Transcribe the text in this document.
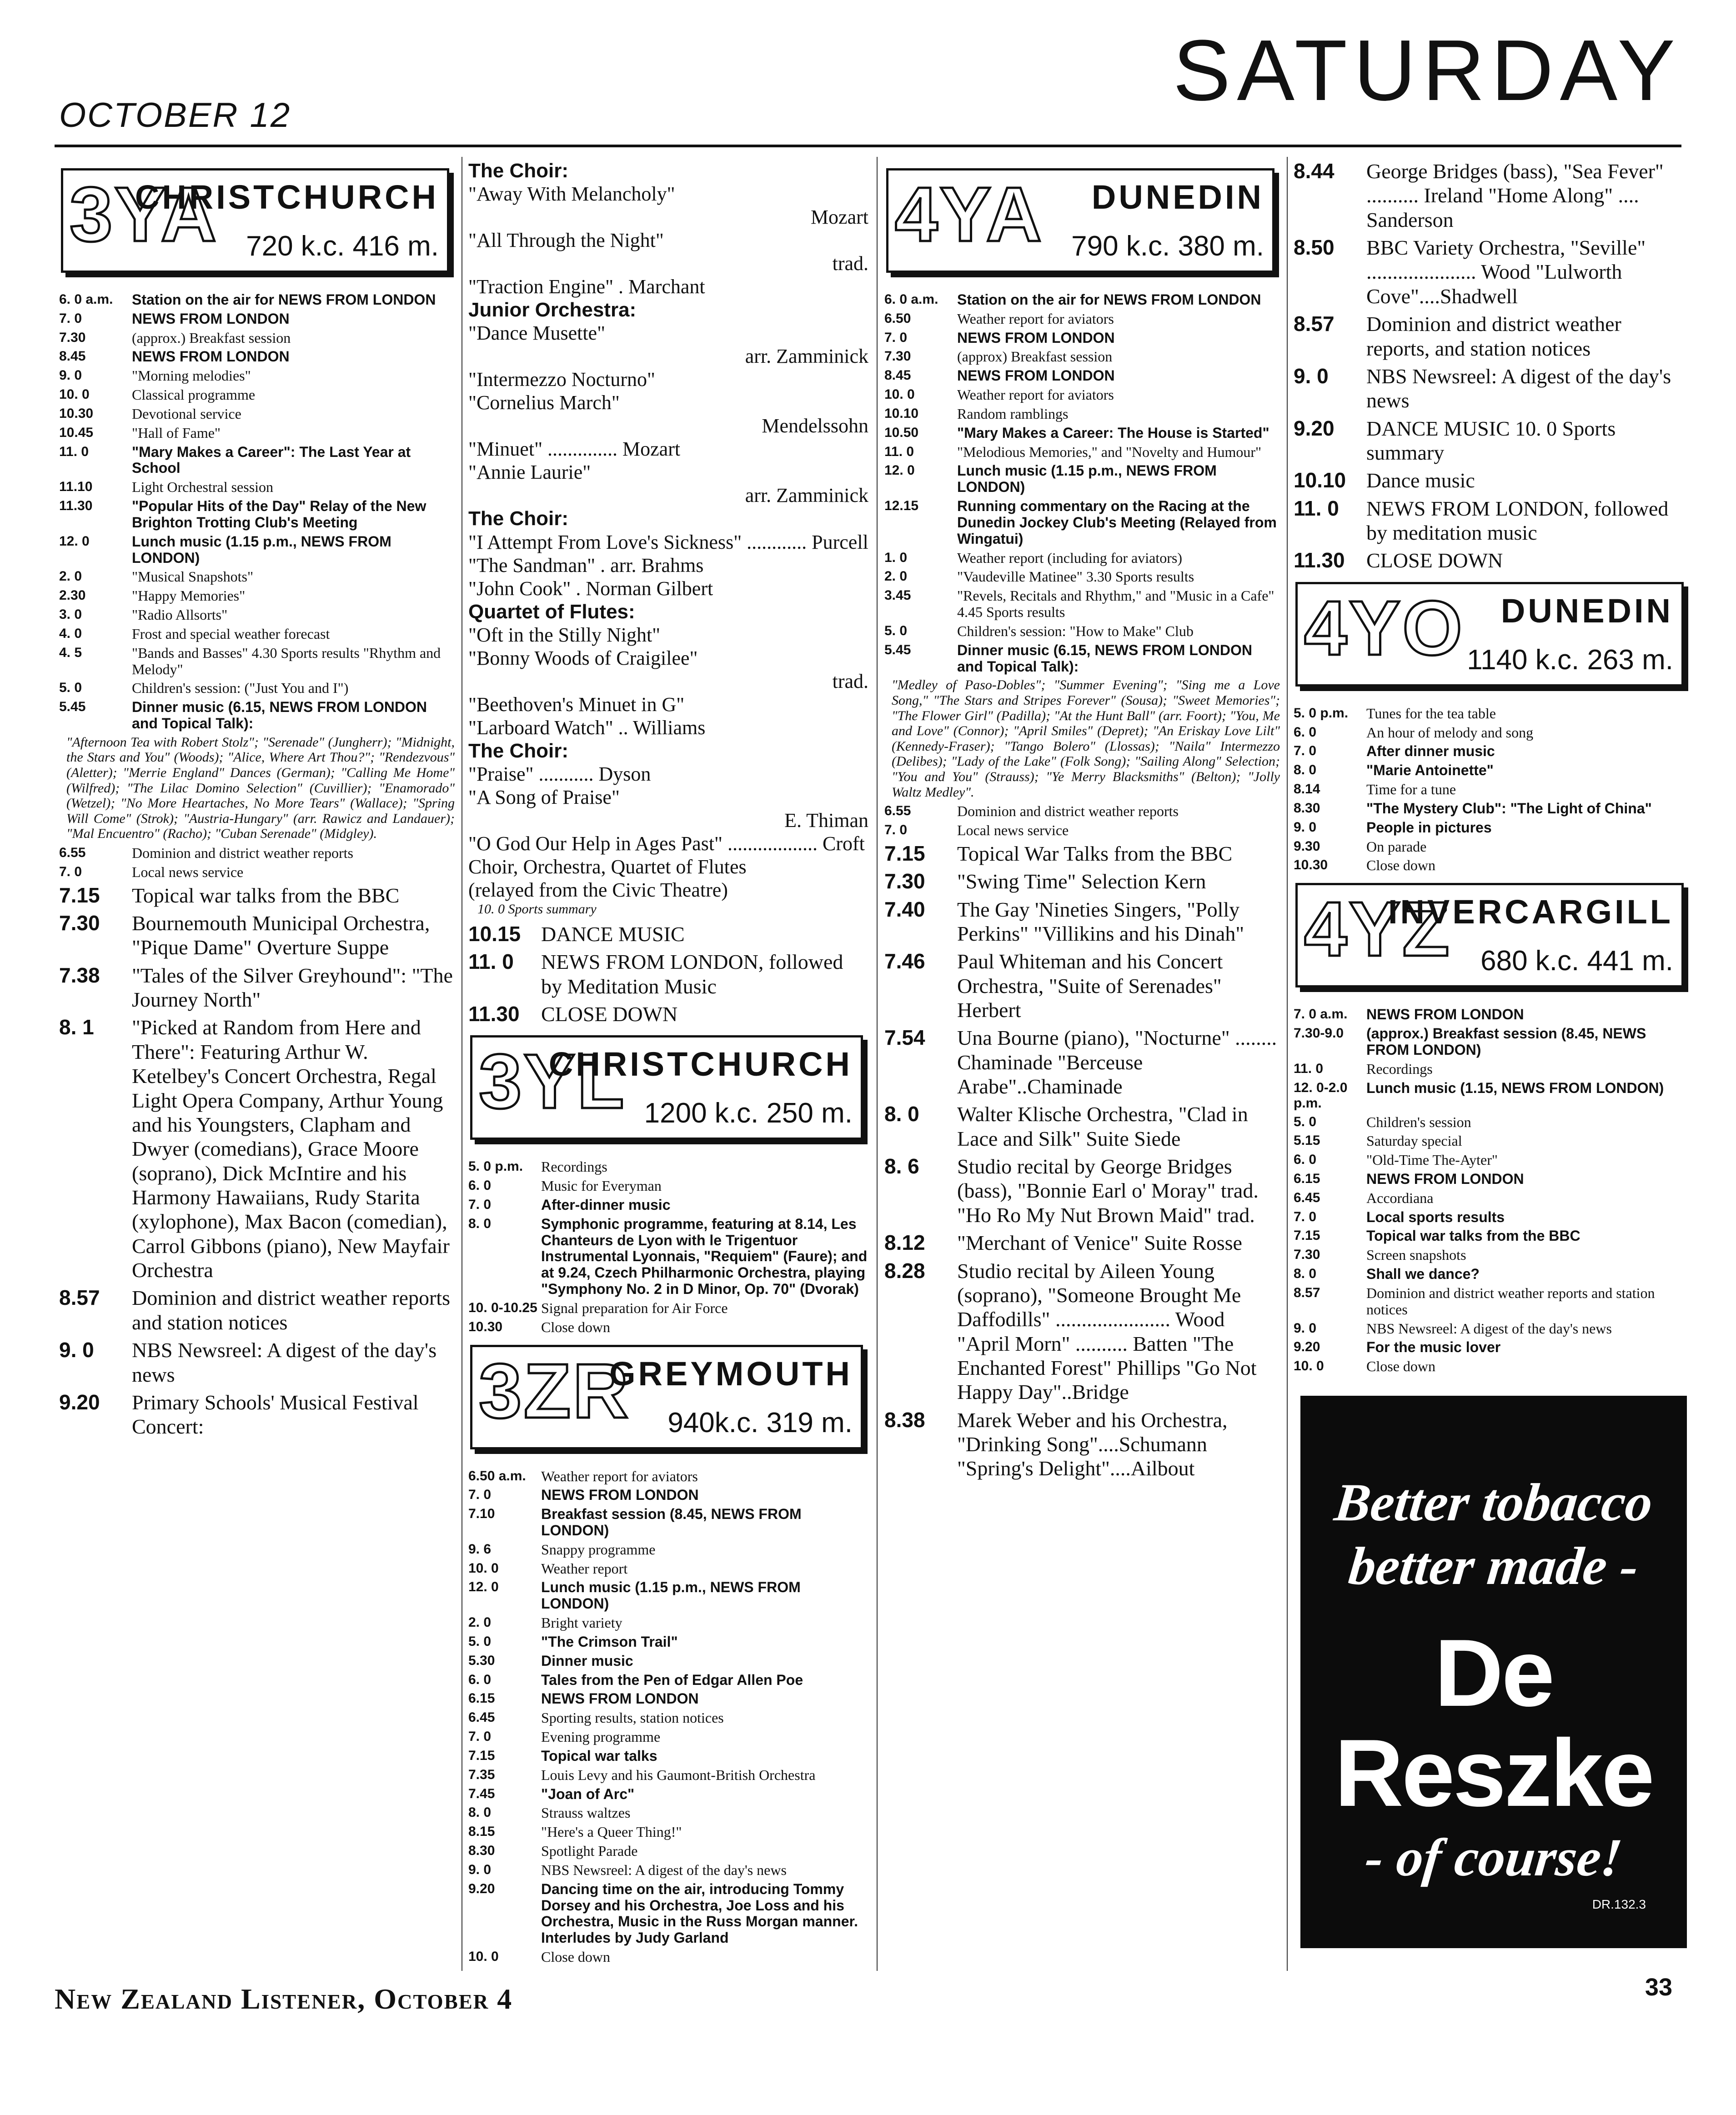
OCTOBER 12	SATURDAY
3YA
CHRISTCHURCH
720 k.c. 416 m.
6. 0 a.m.	Station on the air for NEWS FROM LONDON
7. 0	NEWS FROM LONDON
7.30	(approx.) Breakfast session
8.45	NEWS FROM LONDON
9. 0	"Morning melodies"
10. 0	Classical programme
10.30	Devotional service
10.45	"Hall of Fame"
11. 0	"Mary Makes a Career": The Last Year at School
11.10	Light Orchestral session
11.30	"Popular Hits of the Day" Relay of the New Brighton Trotting Club's Meeting
12. 0	Lunch music (1.15 p.m., NEWS FROM LONDON)
2. 0	"Musical Snapshots"
2.30	"Happy Memories"
3. 0	"Radio Allsorts"
4. 0	Frost and special weather forecast
4. 5	"Bands and Basses" 4.30 Sports results "Rhythm and Melody"
5. 0	Children's session: ("Just You and I")
5.45	Dinner music (6.15, NEWS FROM LONDON and Topical Talk):
"Afternoon Tea with Robert Stolz"; "Serenade" (Jungherr); "Midnight, the Stars and You" (Woods); "Alice, Where Art Thou?"; "Rendezvous" (Aletter); "Merrie England" Dances (German); "Calling Me Home" (Wilfred); "The Lilac Domino Selection" (Cuvillier); "Enamorado" (Wetzel); "No More Heartaches, No More Tears" (Wallace); "Spring Will Come" (Strok); "Austria-Hungary" (arr. Rawicz and Landauer); "Mal Encuentro" (Racho); "Cuban Serenade" (Midgley).
6.55	Dominion and district weather reports
7. 0	Local news service
7.15	Topical war talks from the BBC
7.30	Bournemouth Municipal Orchestra, "Pique Dame" Overture Suppe
7.38	"Tales of the Silver Greyhound": "The Journey North"
8. 1	"Picked at Random from Here and There": Featuring Arthur W. Ketelbey's Concert Orchestra, Regal Light Opera Company, Arthur Young and his Youngsters, Clapham and Dwyer (comedians), Grace Moore (soprano), Dick McIntire and his Harmony Hawaiians, Rudy Starita (xylophone), Max Bacon (comedian), Carrol Gibbons (piano), New Mayfair Orchestra
8.57	Dominion and district weather reports and station notices
9. 0	NBS Newsreel: A digest of the day's news
9.20	Primary Schools' Musical Festival Concert:
The Choir:
"Away With Melancholy"
Mozart
"All Through the Night"
trad.
"Traction Engine" . Marchant
Junior Orchestra:
"Dance Musette"
arr. Zamminick
"Intermezzo Nocturno"
"Cornelius March"
Mendelssohn
"Minuet" .............. Mozart
"Annie Laurie"
arr. Zamminick
The Choir:
"I Attempt From Love's Sickness" ............ Purcell
"The Sandman" . arr. Brahms
"John Cook" . Norman Gilbert
Quartet of Flutes:
"Oft in the Stilly Night"
"Bonny Woods of Craigilee"
trad.
"Beethoven's Minuet in G"
"Larboard Watch" .. Williams
The Choir:
"Praise" ........... Dyson
"A Song of Praise"
E. Thiman
"O God Our Help in Ages Past" .................. Croft
Choir, Orchestra, Quartet of Flutes
(relayed from the Civic Theatre)
10. 0 Sports summary
10.15 DANCE MUSIC
11. 0	NEWS FROM LONDON, followed by Meditation Music
11.30	CLOSE DOWN
3YL
CHRISTCHURCH
1200 k.c. 250 m.
5. 0 p.m.	Recordings
6. 0	Music for Everyman
7. 0	After-dinner music
8. 0	Symphonic programme, featuring at 8.14, Les Chanteurs de Lyon with le Trigentuor Instrumental Lyonnais, "Requiem" (Faure); and at 9.24, Czech Philharmonic Orchestra, playing "Symphony No. 2 in D Minor, Op. 70" (Dvorak)
10. 0-10.25 Signal preparation for Air Force
10.30	Close down
3ZR
GREYMOUTH
940k.c. 319 m.
6.50 a.m.	Weather report for aviators
7. 0	NEWS FROM LONDON
7.10	Breakfast session (8.45, NEWS FROM LONDON)
9. 6	Snappy programme
10. 0	Weather report
12. 0	Lunch music (1.15 p.m., NEWS FROM LONDON)
2. 0	Bright variety
5. 0	"The Crimson Trail"
5.30	Dinner music
6. 0	Tales from the Pen of Edgar Allen Poe
6.15	NEWS FROM LONDON
6.45	Sporting results, station notices
7. 0	Evening programme
7.15	Topical war talks
7.35	Louis Levy and his Gaumont-British Orchestra
7.45	"Joan of Arc"
8. 0	Strauss waltzes
8.15	"Here's a Queer Thing!"
8.30	Spotlight Parade
9. 0	NBS Newsreel: A digest of the day's news
9.20	Dancing time on the air, introducing Tommy Dorsey and his Orchestra, Joe Loss and his Orchestra, Music in the Russ Morgan manner. Interludes by Judy Garland
10. 0	Close down
4YA DUNEDIN
790 k.c. 380 m.
6. 0 a.m.	Station on the air for NEWS FROM LONDON
6.50	Weather report for aviators
7. 0	NEWS FROM LONDON
7.30	(approx) Breakfast session
8.45	NEWS FROM LONDON
10. 0	Weather report for aviators
10.10	Random ramblings
10.50	"Mary Makes a Career: The House is Started"
11. 0	"Melodious Memories," and "Novelty and Humour"
12. 0	Lunch music (1.15 p.m., NEWS FROM LONDON)
12.15	Running commentary on the Racing at the Dunedin Jockey Club's Meeting (Relayed from Wingatui)
1. 0	Weather report (including for aviators)
2. 0	"Vaudeville Matinee" 3.30 Sports results
3.45	"Revels, Recitals and Rhythm," and "Music in a Cafe" 4.45 Sports results
5. 0	Children's session: "How to Make" Club
5.45	Dinner music (6.15, NEWS FROM LONDON and Topical Talk):
"Medley of Paso-Dobles"; "Summer Evening"; "Sing me a Love Song," "The Stars and Stripes Forever" (Sousa); "Sweet Memories"; "The Flower Girl" (Padilla); "At the Hunt Ball" (arr. Foort); "You, Me and Love" (Connor); "April Smiles" (Depret); "An Eriskay Love Lilt" (Kennedy-Fraser); "Tango Bolero" (Llossas); "Naila" Intermezzo (Delibes); "Lady of the Lake" (Folk Song); "Sailing Along" Selection; "You and You" (Strauss); "Ye Merry Blacksmiths" (Belton); "Jolly Waltz Medley".
6.55	Dominion and district weather reports
7. 0	Local news service
7.15	Topical War Talks from the BBC
7.30	"Swing Time" Selection Kern
7.40	The Gay 'Nineties Singers, "Polly Perkins" "Villikins and his Dinah"
7.46	Paul Whiteman and his Concert Orchestra, "Suite of Serenades" Herbert
7.54	Una Bourne (piano), "Nocturne" ........ Chaminade "Berceuse Arabe"..Chaminade
8. 0	Walter Klische Orchestra, "Clad in Lace and Silk" Suite Siede
8. 6	Studio recital by George Bridges (bass), "Bonnie Earl o' Moray" trad. "Ho Ro My Nut Brown Maid" trad.
8.12	"Merchant of Venice" Suite Rosse
8.28	Studio recital by Aileen Young (soprano), "Someone Brought Me Daffodills" ...................... Wood "April Morn" .......... Batten "The Enchanted Forest" Phillips "Go Not Happy Day"..Bridge
8.38	Marek Weber and his Orchestra, "Drinking Song"....Schumann "Spring's Delight"....Ailbout
8.44	George Bridges (bass), "Sea Fever" .......... Ireland "Home Along" .... Sanderson
8.50	BBC Variety Orchestra, "Seville" ..................... Wood "Lulworth Cove"....Shadwell
8.57	Dominion and district weather reports, and station notices
9. 0	NBS Newsreel: A digest of the day's news
9.20	DANCE MUSIC 10. 0 Sports summary
10.10 Dance music
11. 0	NEWS FROM LONDON, followed by meditation music
11.30	CLOSE DOWN
4YO DUNEDIN
1140 k.c. 263 m.
5. 0 p.m.	Tunes for the tea table
6. 0	An hour of melody and song
7. 0	After dinner music
8. 0	"Marie Antoinette"
8.14	Time for a tune
8.30	"The Mystery Club": "The Light of China"
9. 0	People in pictures
9.30	On parade
10.30	Close down
4YZ
INVERCARGILL
680 k.c. 441 m.
7. 0 a.m.	NEWS FROM LONDON
7.30-9.0	(approx.) Breakfast session (8.45, NEWS FROM LONDON)
11. 0	Recordings
12. 0-2.0 p.m.
Lunch music (1.15, NEWS FROM LONDON)
5. 0	Children's session
5.15	Saturday special
6. 0	"Old-Time The-Ayter"
6.15	NEWS FROM LONDON
6.45	Accordiana
7. 0	Local sports results
7.15	Topical war talks from the BBC
7.30	Screen snapshots
8. 0	Shall we dance?
8.57	Dominion and district weather reports and station notices
9. 0	NBS Newsreel: A digest of the day's news
9.20	For the music lover
10. 0	Close down
Better tobacco
better made -
De Reszke
- of course!
DR.132.3
New Zealand Listener, October 4	33
